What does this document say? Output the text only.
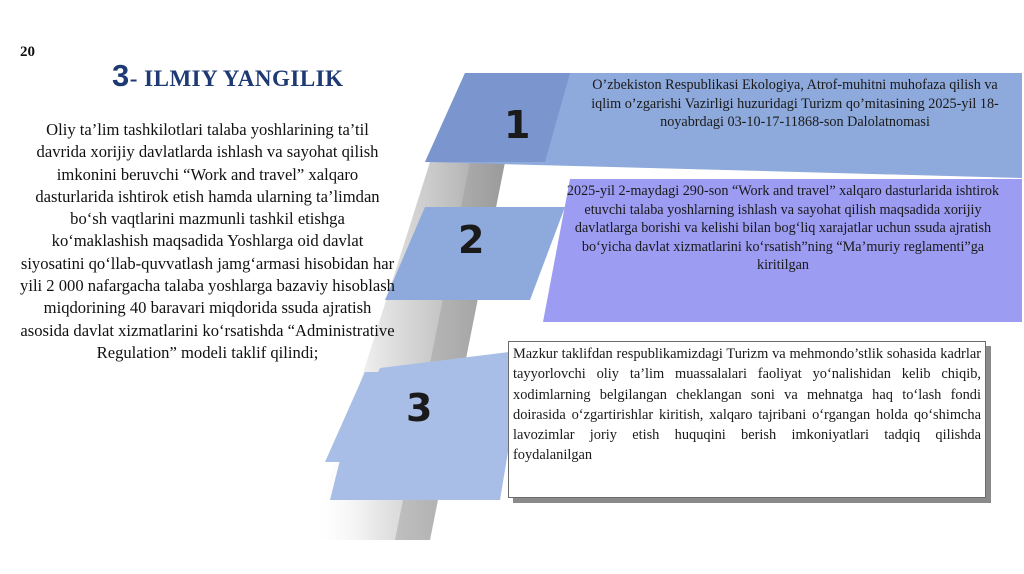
20
3- ILMIY YANGILIK
Oliy ta’lim tashkilotlari talaba yoshlarining ta’til davrida xorijiy davlatlarda ishlash va sayohat qilish imkonini beruvchi “Work and travel” xalqaro dasturlarida ishtirok etish hamda ularning ta’limdan bo‘sh vaqtlarini mazmunli tashkil etishga ko‘maklashish maqsadida Yoshlarga oid davlat siyosatini qo‘llab-quvvatlash jamg‘armasi hisobidan har yili 2 000 nafargacha talaba yoshlarga bazaviy hisoblash miqdorining 40 baravari miqdorida ssuda ajratish asosida davlat xizmatlarini ko‘rsatishda “Administrative Regulation” modeli taklif qilindi;
1
2
3
O’zbekiston Respublikasi Ekologiya, Atrof-muhitni muhofaza qilish va iqlim o’zgarishi Vazirligi huzuridagi Turizm qo’mitasining 2025-yil 18-noyabrdagi 03-10-17-11868-son Dalolatnomasi
2025-yil 2-maydagi 290-son “Work and travel” xalqaro dasturlarida ishtirok etuvchi talaba yoshlarning ishlash va sayohat qilish maqsadida xorijiy davlatlarga borishi va kelishi bilan bog‘liq xarajatlar uchun ssuda ajratish bo‘yicha davlat xizmatlarini ko‘rsatish”ning “Ma’muriy reglamenti”ga kiritilgan
Mazkur taklifdan respublikamizdagi Turizm va mehmondo’stlik sohasida kadrlar tayyorlovchi oliy ta’lim muassalalari faoliyat yo‘nalishidan kelib chiqib, xodimlarning belgilangan cheklangan soni va mehnatga haq to‘lash fondi doirasida o‘zgartirishlar kiritish, xalqaro tajribani o‘rgangan holda qo‘shimcha lavozimlar joriy etish huquqini berish imkoniyatlari tadqiq qilishda foydalanilgan
